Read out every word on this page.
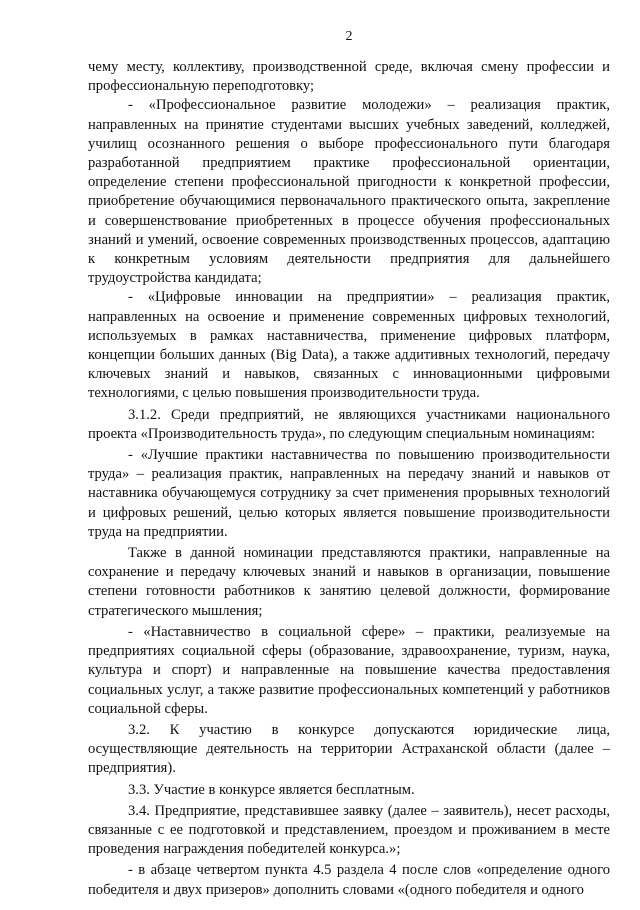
2

чему месту, коллективу, производственной среде, включая смену профессии и профессиональную переподготовку;

- «Профессиональное развитие молодежи» – реализация практик, направленных на принятие студентами высших учебных заведений, колледжей, училищ осознанного решения о выборе профессионального пути благодаря разработанной предприятием практике профессиональной ориентации, определение степени профессиональной пригодности к конкретной профессии, приобретение обучающимися первоначального практического опыта, закрепление и совершенствование приобретенных в процессе обучения профессиональных знаний и умений, освоение современных производственных процессов, адаптацию к конкретным условиям деятельности предприятия для дальнейшего трудоустройства кандидата;

- «Цифровые инновации на предприятии» – реализация практик, направленных на освоение и применение современных цифровых технологий, используемых в рамках наставничества, применение цифровых платформ, концепции больших данных (Big Data), а также аддитивных технологий, передачу ключевых знаний и навыков, связанных с инновационными цифровыми технологиями, с целью повышения производительности труда.

3.1.2. Среди предприятий, не являющихся участниками национального проекта «Производительность труда», по следующим специальным номинациям:

- «Лучшие практики наставничества по повышению производительности труда» – реализация практик, направленных на передачу знаний и навыков от наставника обучающемуся сотруднику за счет применения прорывных технологий и цифровых решений, целью которых является повышение производительности труда на предприятии.

Также в данной номинации представляются практики, направленные на сохранение и передачу ключевых знаний и навыков в организации, повышение степени готовности работников к занятию целевой должности, формирование стратегического мышления;

- «Наставничество в социальной сфере» – практики, реализуемые на предприятиях социальной сферы (образование, здравоохранение, туризм, наука, культура и спорт) и направленные на повышение качества предоставления социальных услуг, а также развитие профессиональных компетенций у работников социальной сферы.

3.2. К участию в конкурсе допускаются юридические лица, осуществляющие деятельность на территории Астраханской области (далее – предприятия).

3.3. Участие в конкурсе является бесплатным.

3.4. Предприятие, представившее заявку (далее – заявитель), несет расходы, связанные с ее подготовкой и представлением, проездом и проживанием в месте проведения награждения победителей конкурса.»;

- в абзаце четвертом пункта 4.5 раздела 4 после слов «определение одного победителя и двух призеров» дополнить словами «(одного победителя и одного
